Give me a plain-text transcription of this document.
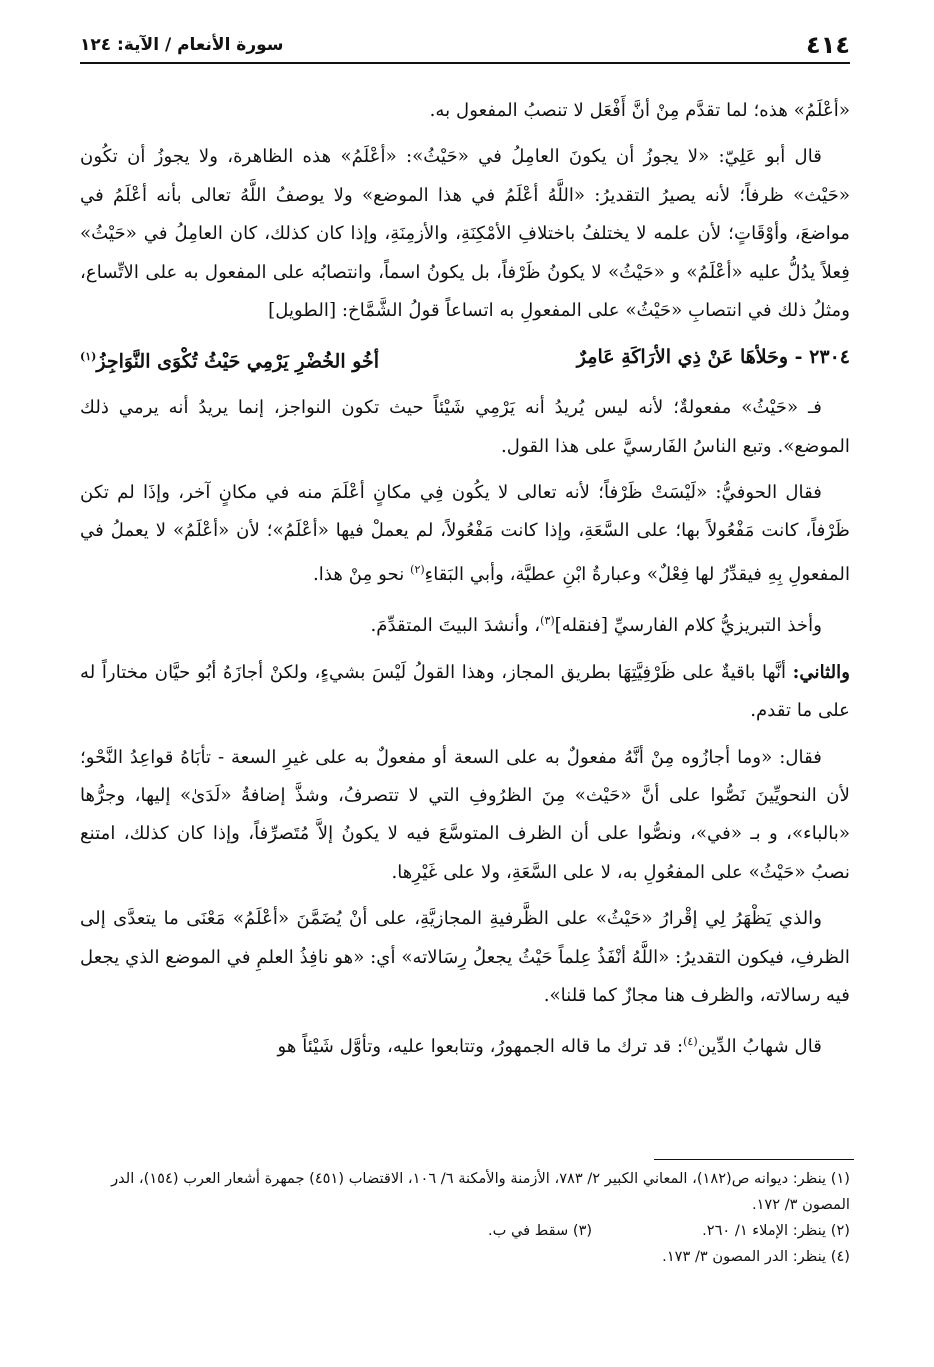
٤١٤
سورة الأنعام / الآية: ١٢٤

«أعْلَمُ» هذه؛ لما تقدَّم مِنْ أنَّ أَفْعَل لا تنصبُ المفعول به.

قال أبو عَلِيّ: «لا يجوزُ أن يكونَ العامِلُ في «حَيْثُ»: «أعْلَمُ» هذه الظاهرة، ولا يجوزُ أن تكُون «حَيْث» ظرفاً؛ لأنه يصيرُ التقديرُ: «اللَّهُ أعْلَمُ في هذا الموضع» ولا يوصفُ اللَّهُ تعالى بأنه أعْلَمُ في مواضعَ، وأوْقَاتٍ؛ لأن علمه لا يختلفُ باختلافِ الأمْكِنَةِ، والأزمِنَةِ، وإذا كان كذلك، كان العامِلُ في «حَيْثُ» فِعلاً يدُلُّ عليه «أعْلَمُ» و «حَيْثُ» لا يكونُ ظَرْفاً، بل يكونُ اسماً، وانتصابُه على المفعول به على الاتِّساع، ومثلُ ذلك في انتصابِ «حَيْثُ» على المفعولِ به اتساعاً قولُ الشَّمَّاخ: [الطويل]

٢٣٠٤ - وحَلأهَا عَنْ ذِي الأرَاكَةِ عَامِرٌ
أخُو الخُضْرِ يَرْمِي حَيْثُ تُكْوَى النَّوَاجِزُ$^{(١)}$

فـ «حَيْثُ» مفعولةٌ؛ لأنه ليس يُريدُ أنه يَرْمِي شَيْئاً حيث تكون النواجز، إنما يريدُ أنه يرمي ذلك الموضع». وتبع الناسُ الفَارسيَّ على هذا القول.

فقال الحوفيُّ: «لَيْسَتْ ظَرْفاً؛ لأنه تعالى لا يكُون فِي مكانٍ أعْلَمَ منه في مكانٍ آخر، وإذَا لم تكن ظَرْفاً، كانت مَفْعُولاً بها؛ على السَّعَةِ، وإذا كانت مَفْعُولاً، لم يعملْ فيها «أعْلَمُ»؛ لأن «أعْلَمُ» لا يعملُ في المفعولِ بِهِ فيقدِّرُ لها فِعْلٌ» وعبارةُ ابْنِ عطيَّة، وأبي البَقاءِ$^{(٢)}$ نحو مِنْ هذا.

وأخذ التبريزيُّ كلام الفارسيِّ [فنقله]$^{(٣)}$، وأنشدَ البيتَ المتقدِّمَ.

والثاني: أنَّها باقيةٌ على ظَرْفِيَّتِهَا بطريق المجاز، وهذا القولُ لَيْسَ بشيءٍ، ولكنْ أجازَهُ أبُو حيَّان مختاراً له على ما تقدم.

فقال: «وما أجازُوه مِنْ أنَّهُ مفعولٌ به على السعة أو مفعولٌ به على غيرِ السعة - تأبَاهُ قواعِدُ النَّحْو؛ لأن النحويِّينَ نَصُّوا على أنَّ «حَيْث» مِنَ الظرُوفِ التي لا تتصرفُ، وشذَّ إضافةُ «لَدَىٰ» إليها، وجرُّها «بالباء»، و بـ «في»، ونصُّوا على أن الظرف المتوسَّعَ فيه لا يكونُ إلاَّ مُتَصرِّفاً، وإذا كان كذلك، امتنع نصبُ «حَيْثُ» على المفعُولِ به، لا على السَّعَةِ، ولا على غَيْرِها.

والذي يَظْهَرُ لِي إقْرارُ «حَيْثُ» على الظَّرفيةِ المجازيَّةِ، على أنْ يُضَمَّنَ «أعْلَمُ» مَعْنَى ما يتعدَّى إلى الظرفِ، فيكون التقديرُ: «اللَّهُ أنْفَذُ عِلماً حَيْثُ يجعلُ رِسَالاته» أي: «هو نافِذُ العلمِ في الموضع الذي يجعل فيه رسالاته، والظرف هنا مجازٌ كما قلنا».

قال شهابُ الدِّين$^{(٤)}$: قد ترك ما قاله الجمهورُ، وتتابعوا عليه، وتأوَّل شَيْئاً هو

(١) ينظر: ديوانه ص(١٨٢)، المعاني الكبير ٢/ ٧٨٣، الأزمنة والأمكنة ٦/ ١٠٦، الاقتضاب (٤٥١) جمهرة أشعار العرب (١٥٤)، الدر المصون ٣/ ١٧٢.

(٢) ينظر: الإملاء ١/ ٢٦٠.

(٣) سقط في ب.

(٤) ينظر: الدر المصون ٣/ ١٧٣.
